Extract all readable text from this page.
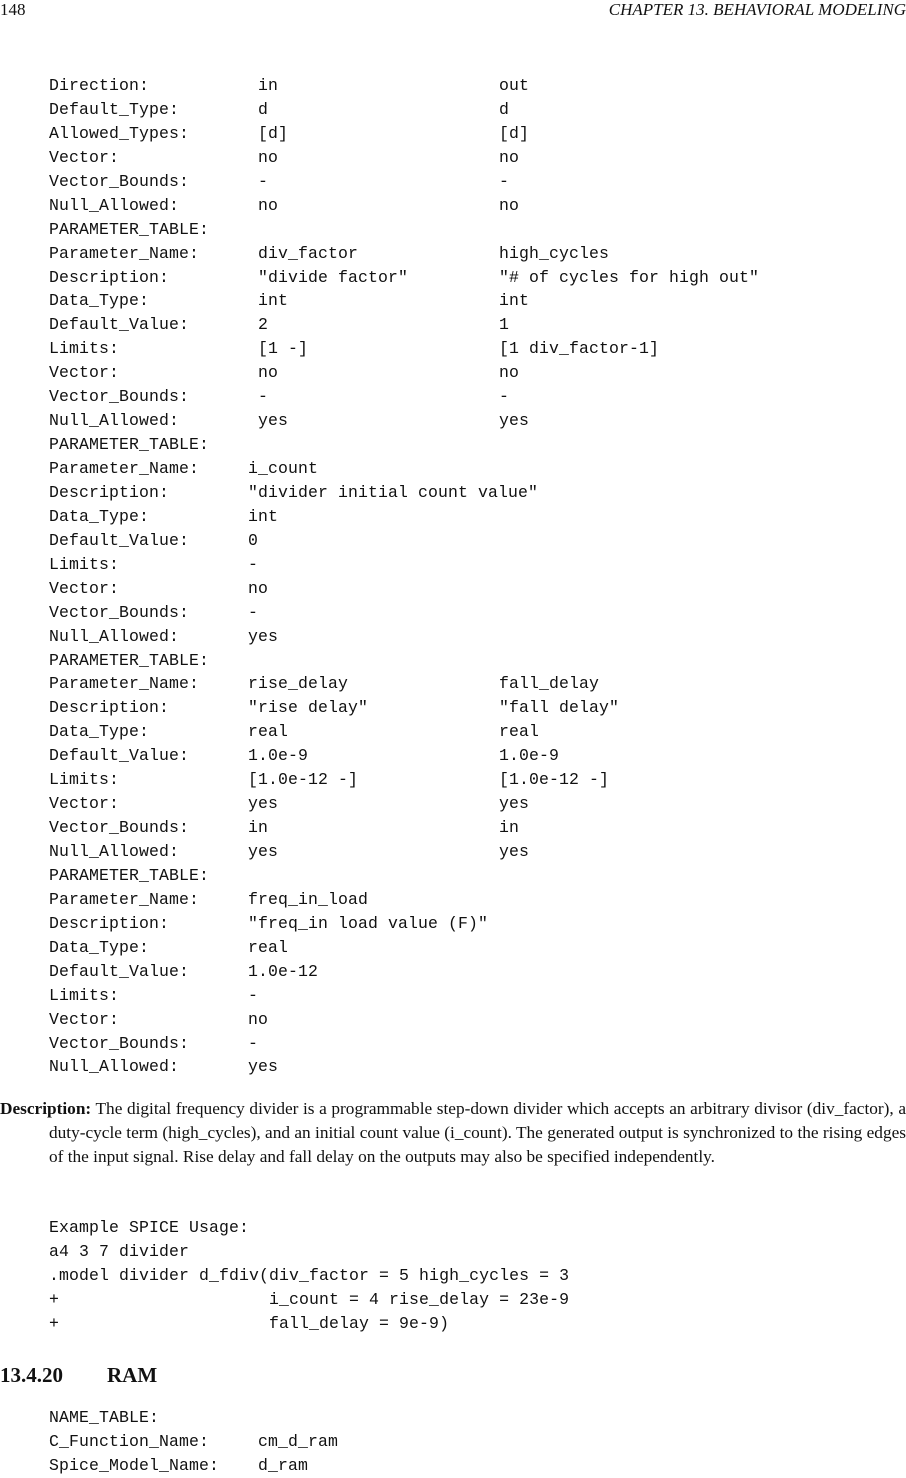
148	CHAPTER 13. BEHAVIORAL MODELING
Direction:	in	out
Default_Type:	d	d
Allowed_Types:	[d]	[d]
Vector:	no	no
Vector_Bounds:	-	-
Null_Allowed:	no	no
PARAMETER_TABLE:
Parameter_Name:	div_factor	high_cycles
Description:	"divide factor"	"# of cycles for high out"
Data_Type:	int	int
Default_Value:	2	1
Limits:	[1 -]	[1 div_factor-1]
Vector:	no	no
Vector_Bounds:	-	-
Null_Allowed:	yes	yes
PARAMETER_TABLE:
Parameter_Name:	i_count
Description:	"divider initial count value"
Data_Type:	int
Default_Value:	0
Limits:	-
Vector:	no
Vector_Bounds:	-
Null_Allowed:	yes
PARAMETER_TABLE:
Parameter_Name:	rise_delay	fall_delay
Description:	"rise delay"	"fall delay"
Data_Type:	real	real
Default_Value:	1.0e-9	1.0e-9
Limits:	[1.0e-12 -]	[1.0e-12 -]
Vector:	yes	yes
Vector_Bounds:	in	in
Null_Allowed:	yes	yes
PARAMETER_TABLE:
Parameter_Name:	freq_in_load
Description:	"freq_in load value (F)"
Data_Type:	real
Default_Value:	1.0e-12
Limits:	-
Vector:	no
Vector_Bounds:	-
Null_Allowed:	yes
Description: The digital frequency divider is a programmable step-down divider which accepts an arbitrary divisor (div_factor), a duty-cycle term (high_cycles), and an initial count value (i_count). The generated output is synchronized to the rising edges of the input signal. Rise delay and fall delay on the outputs may also be specified independently.
Example SPICE Usage:
a4 3 7 divider
.model divider d_fdiv(div_factor = 5 high_cycles = 3
+                     i_count = 4 rise_delay = 23e-9
+                     fall_delay = 9e-9)
13.4.20 RAM
NAME_TABLE:
C_Function_Name:	cm_d_ram
Spice_Model_Name: d_ram
